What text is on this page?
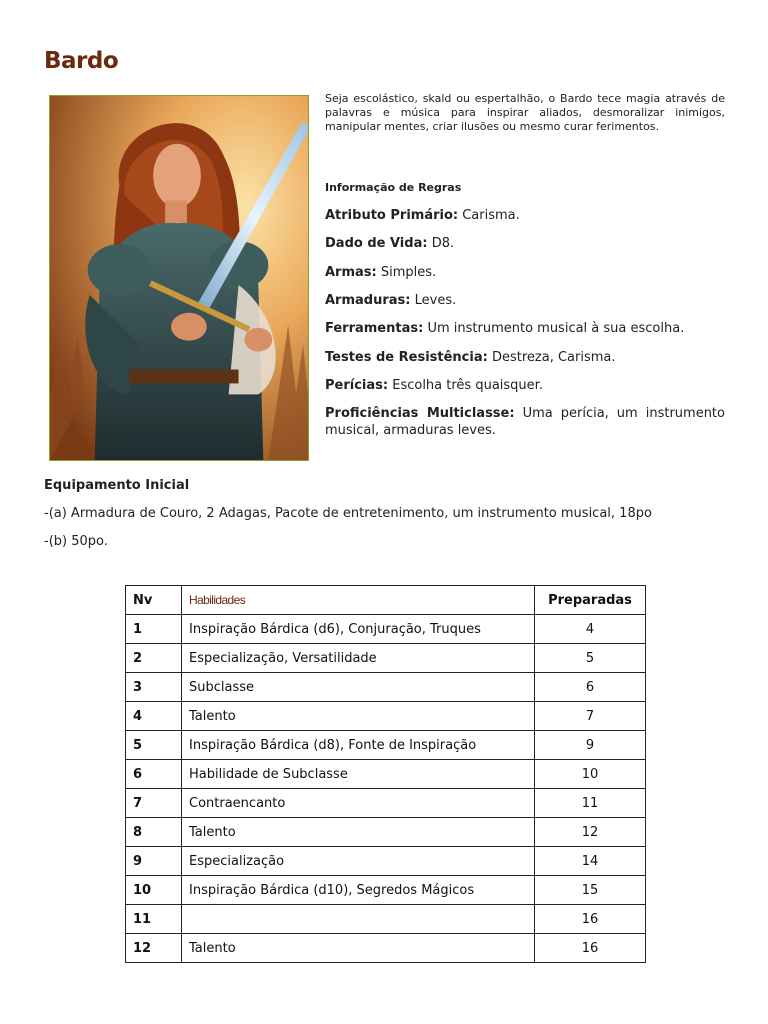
Bardo
Seja escolástico, skald ou espertalhão, o Bardo tece magia através de palavras e música para inspirar aliados, desmoralizar inimigos, manipular mentes, criar ilusões ou mesmo curar ferimentos.
Informação de Regras
Atributo Primário: Carisma.
Dado de Vida: D8.
Armas: Simples.
Armaduras: Leves.
Ferramentas: Um instrumento musical à sua escolha.
Testes de Resistência: Destreza, Carisma.
Perícias: Escolha três quaisquer.
Proficiências Multiclasse: Uma perícia, um instrumento musical, armaduras leves.
Equipamento Inicial
-(a) Armadura de Couro, 2 Adagas, Pacote de entretenimento, um instrumento musical, 18po
-(b) 50po.
Nv	Habilidades	Preparadas
1	Inspiração Bárdica (d6), Conjuração, Truques	4
2	Especialização, Versatilidade	5
3	Subclasse	6
4	Talento	7
5	Inspiração Bárdica (d8), Fonte de Inspiração	9
6	Habilidade de Subclasse	10
7	Contraencanto	11
8	Talento	12
9	Especialização	14
10	Inspiração Bárdica (d10), Segredos Mágicos	15
11		16
12	Talento	16
